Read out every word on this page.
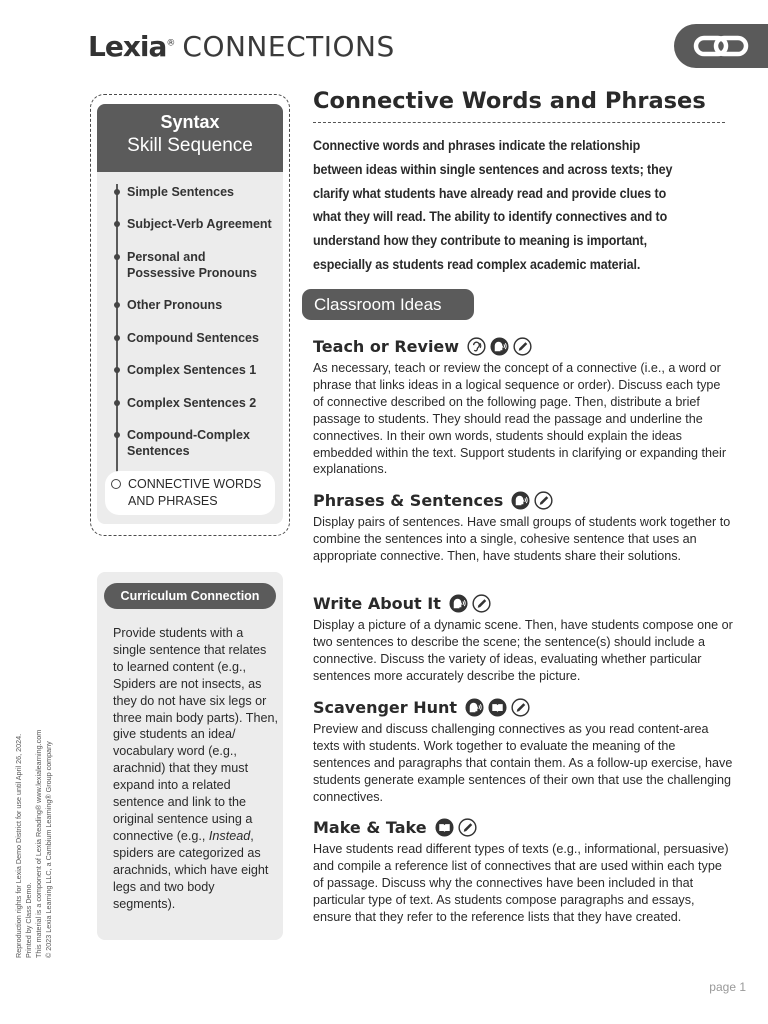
Lexia® CONNECTIONS
Syntax
Skill Sequence
Simple Sentences
Subject-Verb Agreement
Personal and Possessive Pronouns
Other Pronouns
Compound Sentences
Complex Sentences 1
Complex Sentences 2
Compound-Complex Sentences
CONNECTIVE WORDS AND PHRASES
Curriculum Connection
Provide students with a single sentence that relates to learned content (e.g., Spiders are not insects, as they do not have six legs or three main body parts). Then, give students an idea/ vocabulary word (e.g., arachnid) that they must expand into a related sentence and link to the original sentence using a connective (e.g., Instead, spiders are categorized as arachnids, which have eight legs and two body segments).
Reproduction rights for Lexia Demo District for use until April 26, 2024. Printed by Class Demo. This material is a component of Lexia Reading® www.lexialearning.com © 2023 Lexia Learning LLC, a Cambium Learning® Group company
Connective Words and Phrases
Connective words and phrases indicate the relationship between ideas within single sentences and across texts; they clarify what students have already read and provide clues to what they will read. The ability to identify connectives and to understand how they contribute to meaning is important, especially as students read complex academic material.
Classroom Ideas
Teach or Review
As necessary, teach or review the concept of a connective (i.e., a word or phrase that links ideas in a logical sequence or order). Discuss each type of connective described on the following page. Then, distribute a brief passage to students. They should read the passage and underline the connectives. In their own words, students should explain the ideas embedded within the text. Support students in clarifying or expanding their explanations.
Phrases & Sentences
Display pairs of sentences. Have small groups of students work together to combine the sentences into a single, cohesive sentence that uses an appropriate connective. Then, have students share their solutions.
Write About It
Display a picture of a dynamic scene. Then, have students compose one or two sentences to describe the scene; the sentence(s) should include a connective. Discuss the variety of ideas, evaluating whether particular sentences more accurately describe the picture.
Scavenger Hunt
Preview and discuss challenging connectives as you read content-area texts with students. Work together to evaluate the meaning of the sentences and paragraphs that contain them. As a follow-up exercise, have students generate example sentences of their own that use the challenging connectives.
Make & Take
Have students read different types of texts (e.g., informational, persuasive) and compile a reference list of connectives that are used within each type of passage. Discuss why the connectives have been included in that particular type of text. As students compose paragraphs and essays, ensure that they refer to the reference lists that they have created.
page 1
